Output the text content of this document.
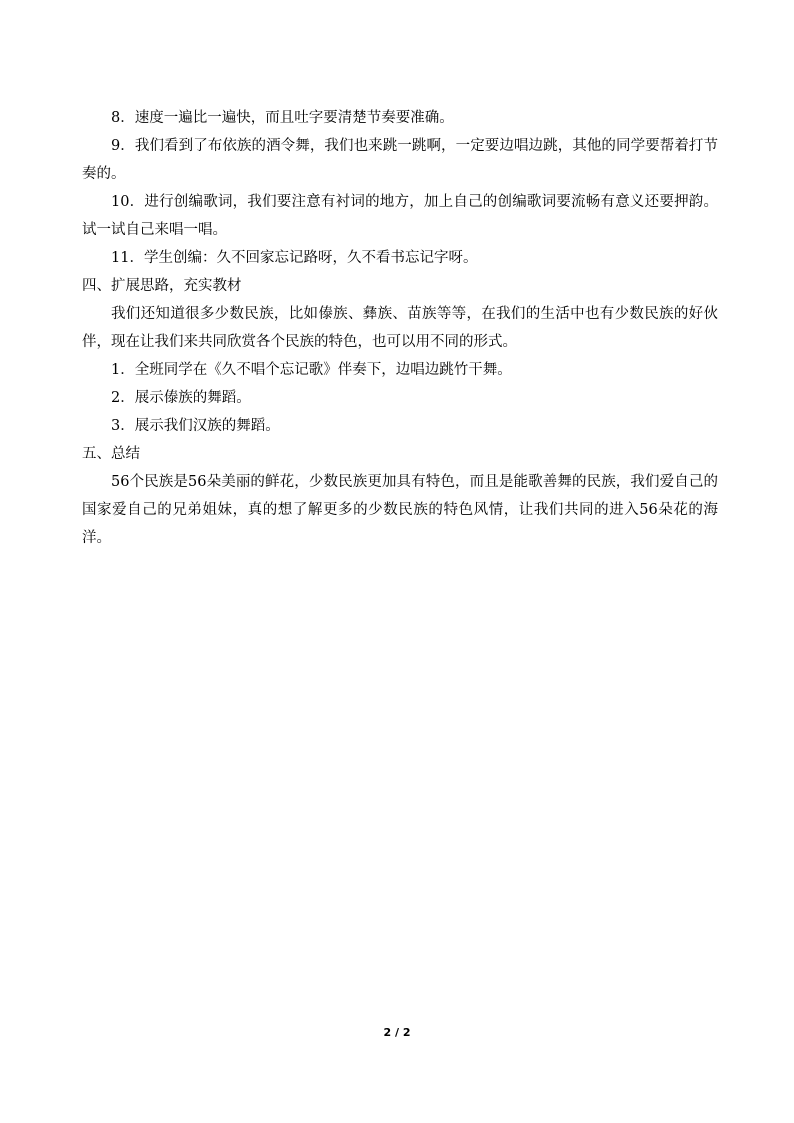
8．速度一遍比一遍快，而且吐字要清楚节奏要准确。

9．我们看到了布依族的酒令舞，我们也来跳一跳啊，一定要边唱边跳，其他的同学要帮着打节奏的。

10．进行创编歌词，我们要注意有衬词的地方，加上自己的创编歌词要流畅有意义还要押韵。试一试自己来唱一唱。

11．学生创编：久不回家忘记路呀，久不看书忘记字呀。

四、扩展思路，充实教材

我们还知道很多少数民族，比如傣族、彝族、苗族等等，在我们的生活中也有少数民族的好伙伴，现在让我们来共同欣赏各个民族的特色，也可以用不同的形式。

1．全班同学在《久不唱个忘记歌》伴奏下，边唱边跳竹干舞。

2．展示傣族的舞蹈。

3．展示我们汉族的舞蹈。

五、总结

56个民族是56朵美丽的鲜花，少数民族更加具有特色，而且是能歌善舞的民族，我们爱自己的国家爱自己的兄弟姐妹，真的想了解更多的少数民族的特色风情，让我们共同的进入56朵花的海洋。

2 / 2
